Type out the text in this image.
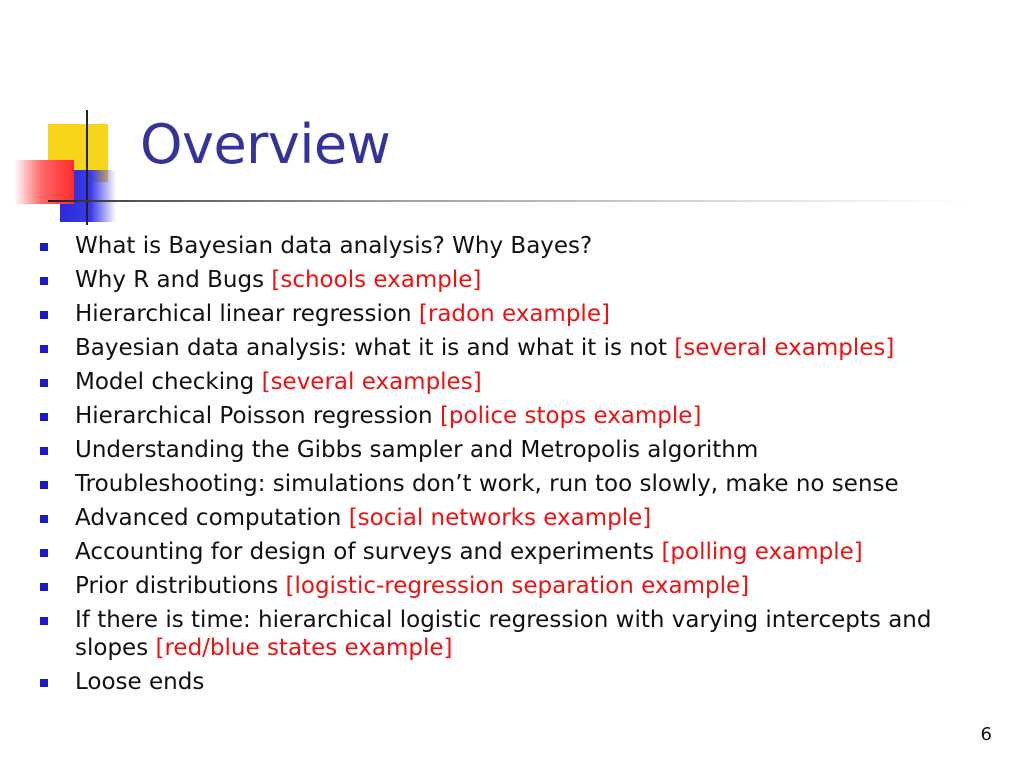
Overview
What is Bayesian data analysis? Why Bayes?
Why R and Bugs [schools example]
Hierarchical linear regression [radon example]
Bayesian data analysis: what it is and what it is not [several examples]
Model checking [several examples]
Hierarchical Poisson regression [police stops example]
Understanding the Gibbs sampler and Metropolis algorithm
Troubleshooting: simulations don’t work, run too slowly, make no sense
Advanced computation [social networks example]
Accounting for design of surveys and experiments [polling example]
Prior distributions [logistic-regression separation example]
If there is time: hierarchical logistic regression with varying intercepts and slopes [red/blue states example]
Loose ends
6
